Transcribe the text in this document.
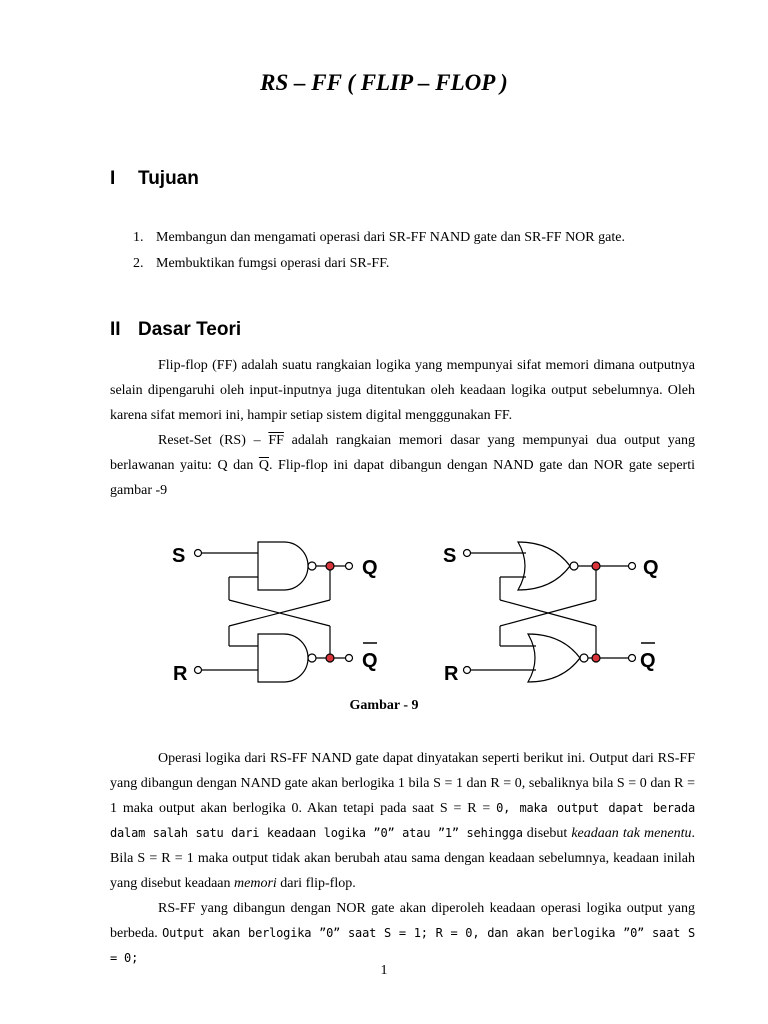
RS – FF ( FLIP – FLOP )
I Tujuan
1. Membangun dan mengamati operasi dari SR-FF NAND gate dan SR-FF NOR gate.
2. Membuktikan fumgsi operasi dari SR-FF.
II Dasar Teori

Flip-flop (FF) adalah suatu rangkaian logika yang mempunyai sifat memori dimana outputnya selain dipengaruhi oleh input-inputnya juga ditentukan oleh keadaan logika output sebelumnya. Oleh karena sifat memori ini, hampir setiap sistem digital mengggunakan FF.

Reset-Set $(RS) - \overline{FF}$ adalah rangkaian memori dasar yang mempunyai dua output yang berlawanan yaitu: Q dan $\overline{Q}$. Flip-flop ini dapat dibangun dengan NAND gate dan NOR gate seperti gambar -9

S
R
Q
Q
S
R
Q
Q
Gambar - 9

Operasi logika dari RS-FF NAND gate dapat dinyatakan seperti berikut ini. Output dari RS-FF yang dibangun dengan NAND gate akan berlogika 1 bila S = 1 dan R = 0, sebaliknya bila S = 0 dan R = 1 maka output akan berlogika 0. Akan tetapi pada saat S = R = 0, maka output dapat berada dalam salah satu dari keadaan logika ”0” atau ”1” sehingga disebut keadaan tak menentu. Bila S = R = 1 maka output tidak akan berubah atau sama dengan keadaan sebelumnya, keadaan inilah yang disebut keadaan memori dari flip-flop.

RS-FF yang dibangun dengan NOR gate akan diperoleh keadaan operasi logika output yang berbeda. Output akan berlogika ”0” saat S = 1; R = 0, dan akan berlogika ”0” saat S = 0;

1
